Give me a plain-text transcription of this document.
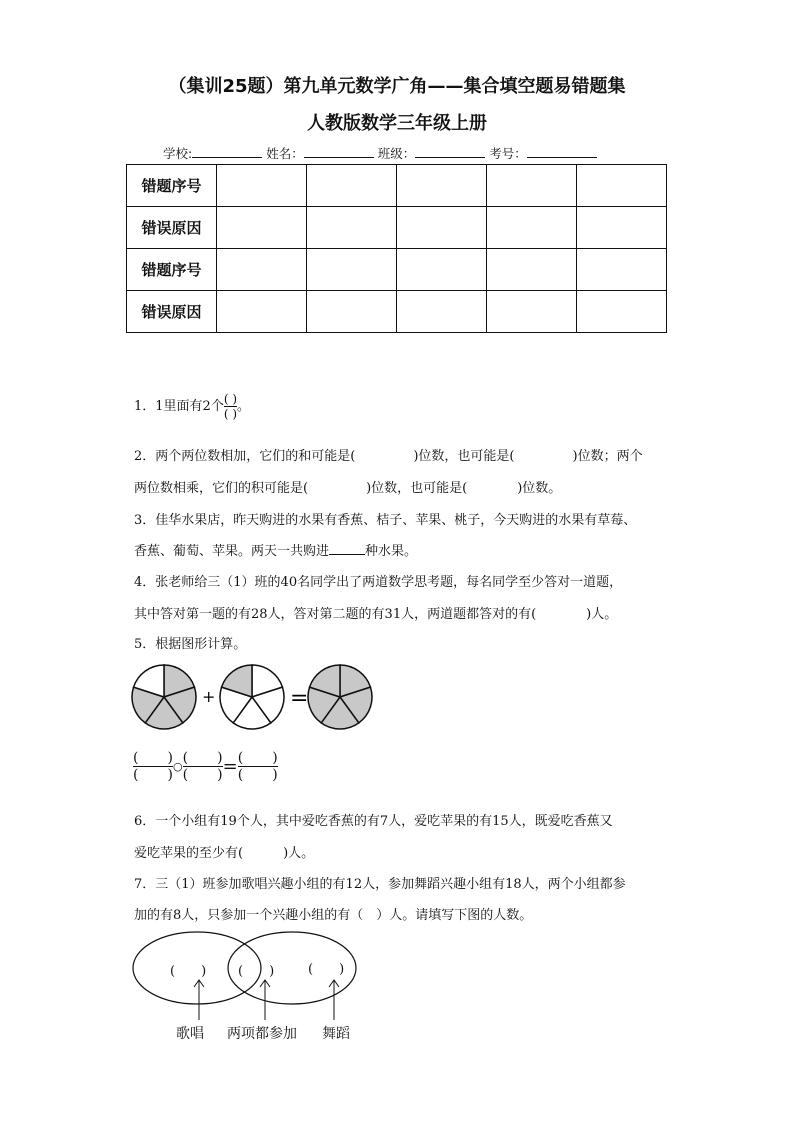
（集训25题）第九单元数学广角——集合填空题易错题集
人教版数学三年级上册
学校:	姓名：	班级：	考号：
错题序号					
错误原因					
错题序号					
错误原因					
1．1里面有2个 $\frac{( )}{( )}$ 。
2．两个两位数相加，它们的和可能是(	)位数，也可能是(	)位数；两个
两位数相乘，它们的积可能是(	)位数，也可能是(	)位数。
3．佳华水果店，昨天购进的水果有香蕉、桔子、苹果、桃子，今天购进的水果有草莓、
香蕉、葡萄、苹果。两天一共购进	种水果。
4．张老师给三（1）班的40名同学出了两道数学思考题，每名同学至少答对一道题，
其中答对第一题的有28人，答对第二题的有31人，两道题都答对的有(	)人。
5．根据图形计算。
+	=
( )
( )
○
( )
( ) = ( )
( )
6．一个小组有19个人，其中爱吃香蕉的有7人，爱吃苹果的有15人，既爱吃香蕉又
爱吃苹果的至少有(	)人。
7．三（1）班参加歌唱兴趣小组的有12人，参加舞蹈兴趣小组有18人，两个小组都参
加的有8人，只参加一个兴趣小组的有（　）人。请填写下图的人数。
(　　) (　　)	(　　)
歌唱 两项都参加 舞蹈
